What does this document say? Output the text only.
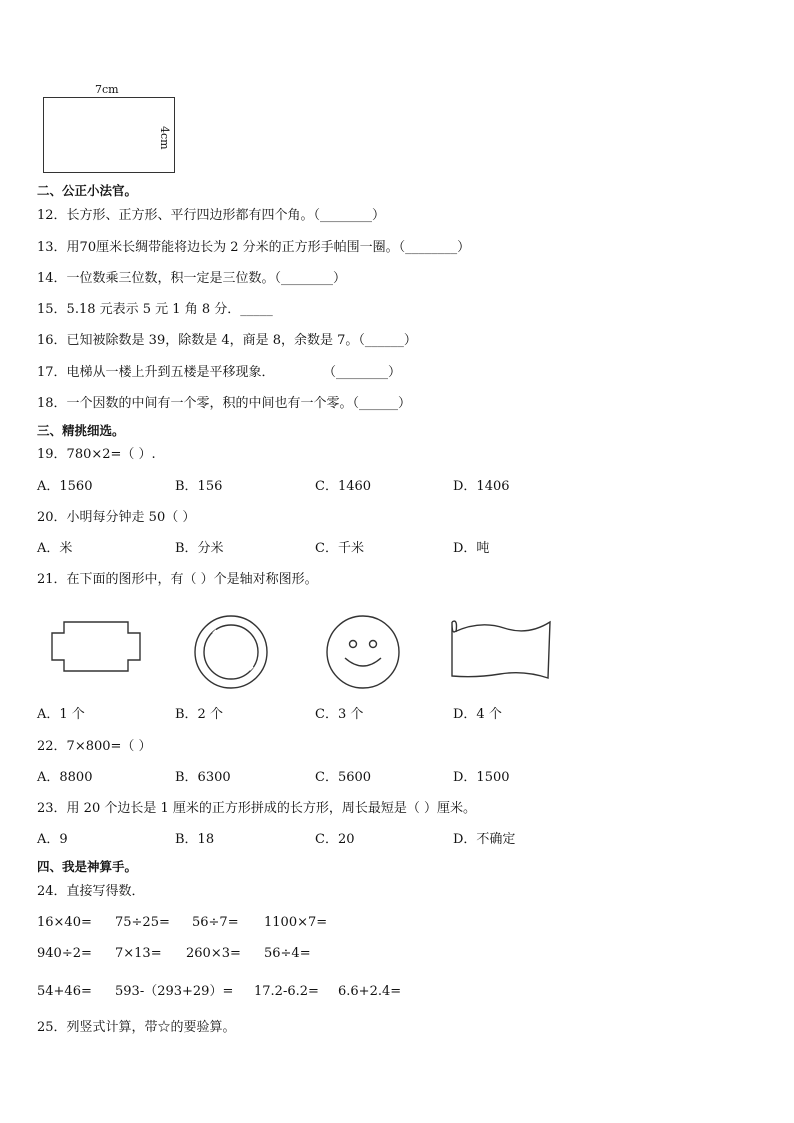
7cm
4cm
二、公正小法官。
12．长方形、正方形、平行四边形都有四个角。（________）
13．用70厘米长绸带能将边长为 2 分米的正方形手帕围一圈。（________）
14．一位数乘三位数，积一定是三位数。（________）
15．5.18 元表示 5 元 1 角 8 分．_____
16．已知被除数是 39，除数是 4，商是 8，余数是 7。（______）
17．电梯从一楼上升到五楼是平移现象．	（________）
18．一个因数的中间有一个零，积的中间也有一个零。（______）
三、精挑细选。
19．780×2=（ ）.
A．1560	B．156	C．1460	D．1406
20．小明每分钟走 50（ ）
A．米	B．分米	C．千米	D．吨
21．在下面的图形中，有（ ）个是轴对称图形。
A．1 个	B．2 个	C．3 个	D．4 个
22．7×800=（ ）
A．8800	B．6300	C．5600	D．1500
23．用 20 个边长是 1 厘米的正方形拼成的长方形，周长最短是（ ）厘米。
A．9	B．18	C．20	D．不确定
四、我是神算手。
24．直接写得数．
16×40= 75÷25= 56÷7= 1100×7=
940÷2= 7×13= 260×3= 56÷4=
54+46= 593-（293+29）= 17.2-6.2= 6.6+2.4=
25．列竖式计算，带☆的要验算。
